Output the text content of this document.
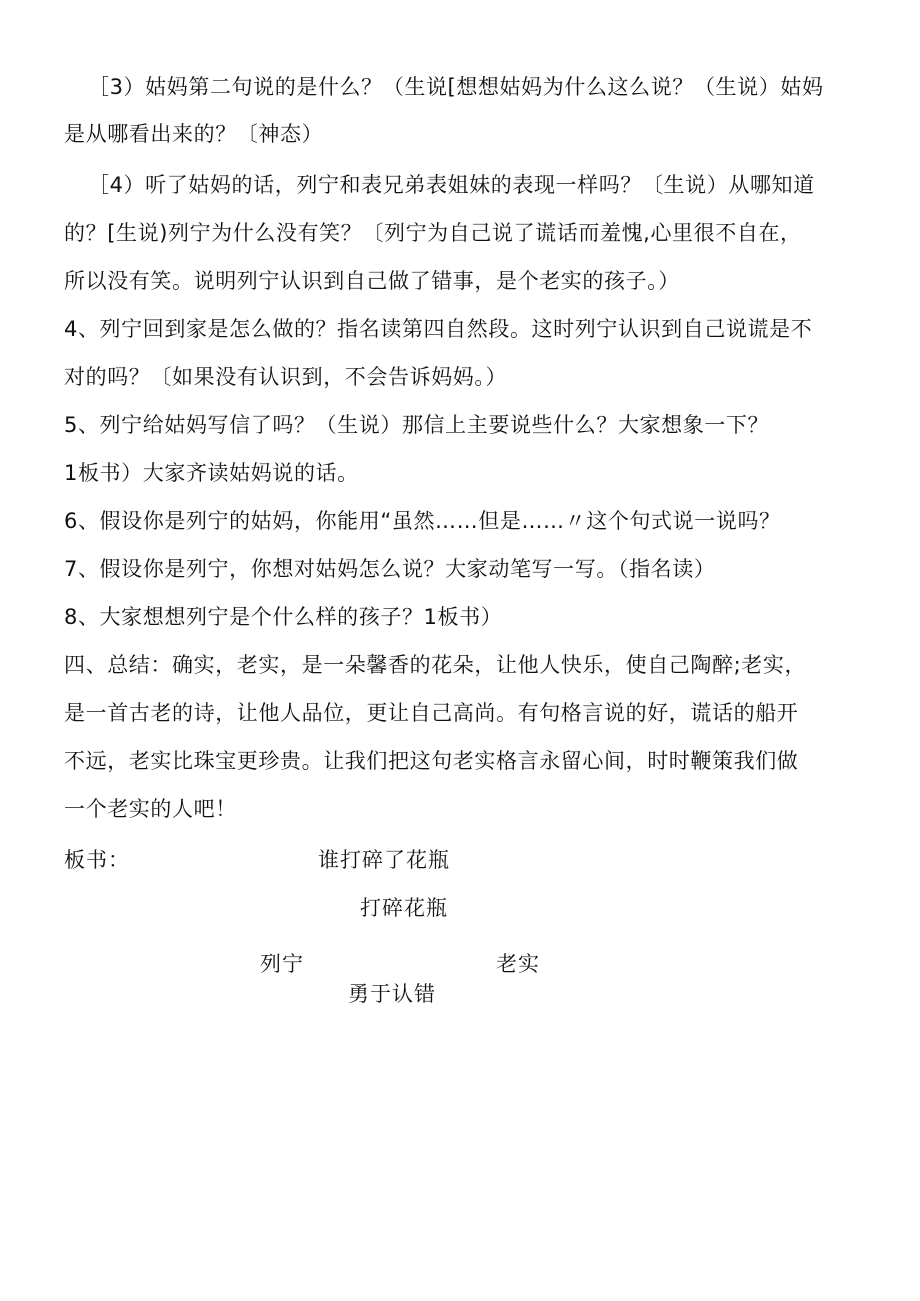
［3）姑妈第二句说的是什么？（生说[想想姑妈为什么这么说？（生说）姑妈
是从哪看出来的？〔神态）
［4）听了姑妈的话，列宁和表兄弟表姐妹的表现一样吗？〔生说）从哪知道
的？[生说)列宁为什么没有笑？〔列宁为自己说了谎话而羞愧,心里很不自在，
所以没有笑。说明列宁认识到自己做了错事，是个老实的孩子。）
4、列宁回到家是怎么做的？指名读第四自然段。这时列宁认识到自己说谎是不
对的吗？〔如果没有认识到，不会告诉妈妈。）
5、列宁给姑妈写信了吗？（生说）那信上主要说些什么？大家想象一下？
1板书）大家齐读姑妈说的话。
6、假设你是列宁的姑妈，你能用“虽然……但是……〃这个句式说一说吗？
7、假设你是列宁，你想对姑妈怎么说？大家动笔写一写。（指名读）
8、大家想想列宁是个什么样的孩子？1板书）
四、总结：确实，老实，是一朵馨香的花朵，让他人快乐，使自己陶醉;老实，
是一首古老的诗，让他人品位，更让自己高尚。有句格言说的好，谎话的船开
不远，老实比珠宝更珍贵。让我们把这句老实格言永留心间，时时鞭策我们做
一个老实的人吧！
板书：	谁打碎了花瓶
打碎花瓶
列宁	老实
勇于认错
